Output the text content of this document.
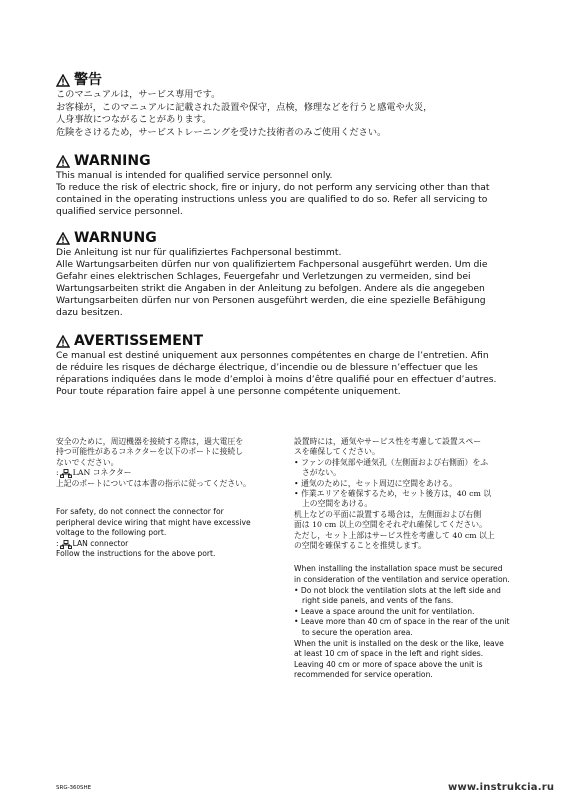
警告
このマニュアルは，サービス専用です。
お客様が，このマニュアルに記載された設置や保守，点検，修理などを行うと感電や火災，
人身事故につながることがあります。
危険をさけるため，サービストレーニングを受けた技術者のみご使用ください。
WARNING
This manual is intended for qualified service personnel only.
To reduce the risk of electric shock, fire or injury, do not perform any servicing other than that
contained in the operating instructions unless you are qualified to do so. Refer all servicing to
qualified service personnel.
WARNUNG
Die Anleitung ist nur für qualifiziertes Fachpersonal bestimmt.
Alle Wartungsarbeiten dürfen nur von qualifiziertem Fachpersonal ausgeführt werden. Um die
Gefahr eines elektrischen Schlages, Feuergefahr und Verletzungen zu vermeiden, sind bei
Wartungsarbeiten strikt die Angaben in der Anleitung zu befolgen. Andere als die angegeben
Wartungsarbeiten dürfen nur von Personen ausgeführt werden, die eine spezielle Befähigung
dazu besitzen.
AVERTISSEMENT
Ce manual est destiné uniquement aux personnes compétentes en charge de l’entretien. Afin
de réduire les risques de décharge électrique, d’incendie ou de blessure n’effectuer que les
réparations indiquées dans le mode d’emploi à moins d’être qualifié pour en effectuer d’autres.
Pour toute réparation faire appel à une personne compétente uniquement.
安全のために，周辺機器を接続する際は，過大電圧を
持つ可能性があるコネクターを以下のポートに接続し
ないでください。
: LAN コネクター
上記のポートについては本書の指示に従ってください。
For safety, do not connect the connector for
peripheral device wiring that might have excessive
voltage to the following port.
: LAN connector
Follow the instructions for the above port.
設置時には，通気やサービス性を考慮して設置スペー
スを確保してください。
• ファンの排気部や通気孔（左側面および右側面）をふ
さがない。
• 通気のために，セット周辺に空間をあける。
• 作業エリアを確保するため，セット後方は，40 cm 以
上の空間をあける。
机上などの平面に設置する場合は，左側面および右側
面は 10 cm 以上の空間をそれぞれ確保してください。
ただし，セット上部はサービス性を考慮して 40 cm 以上
の空間を確保することを推奨します。
When installing the installation space must be secured
in consideration of the ventilation and service operation.
• Do not block the ventilation slots at the left side and
right side panels, and vents of the fans.
• Leave a space around the unit for ventilation.
• Leave more than 40 cm of space in the rear of the unit
to secure the operation area.
When the unit is installed on the desk or the like, leave
at least 10 cm of space in the left and right sides.
Leaving 40 cm or more of space above the unit is
recommended for service operation.
SRG-360SHE	www.instrukcia.ru
